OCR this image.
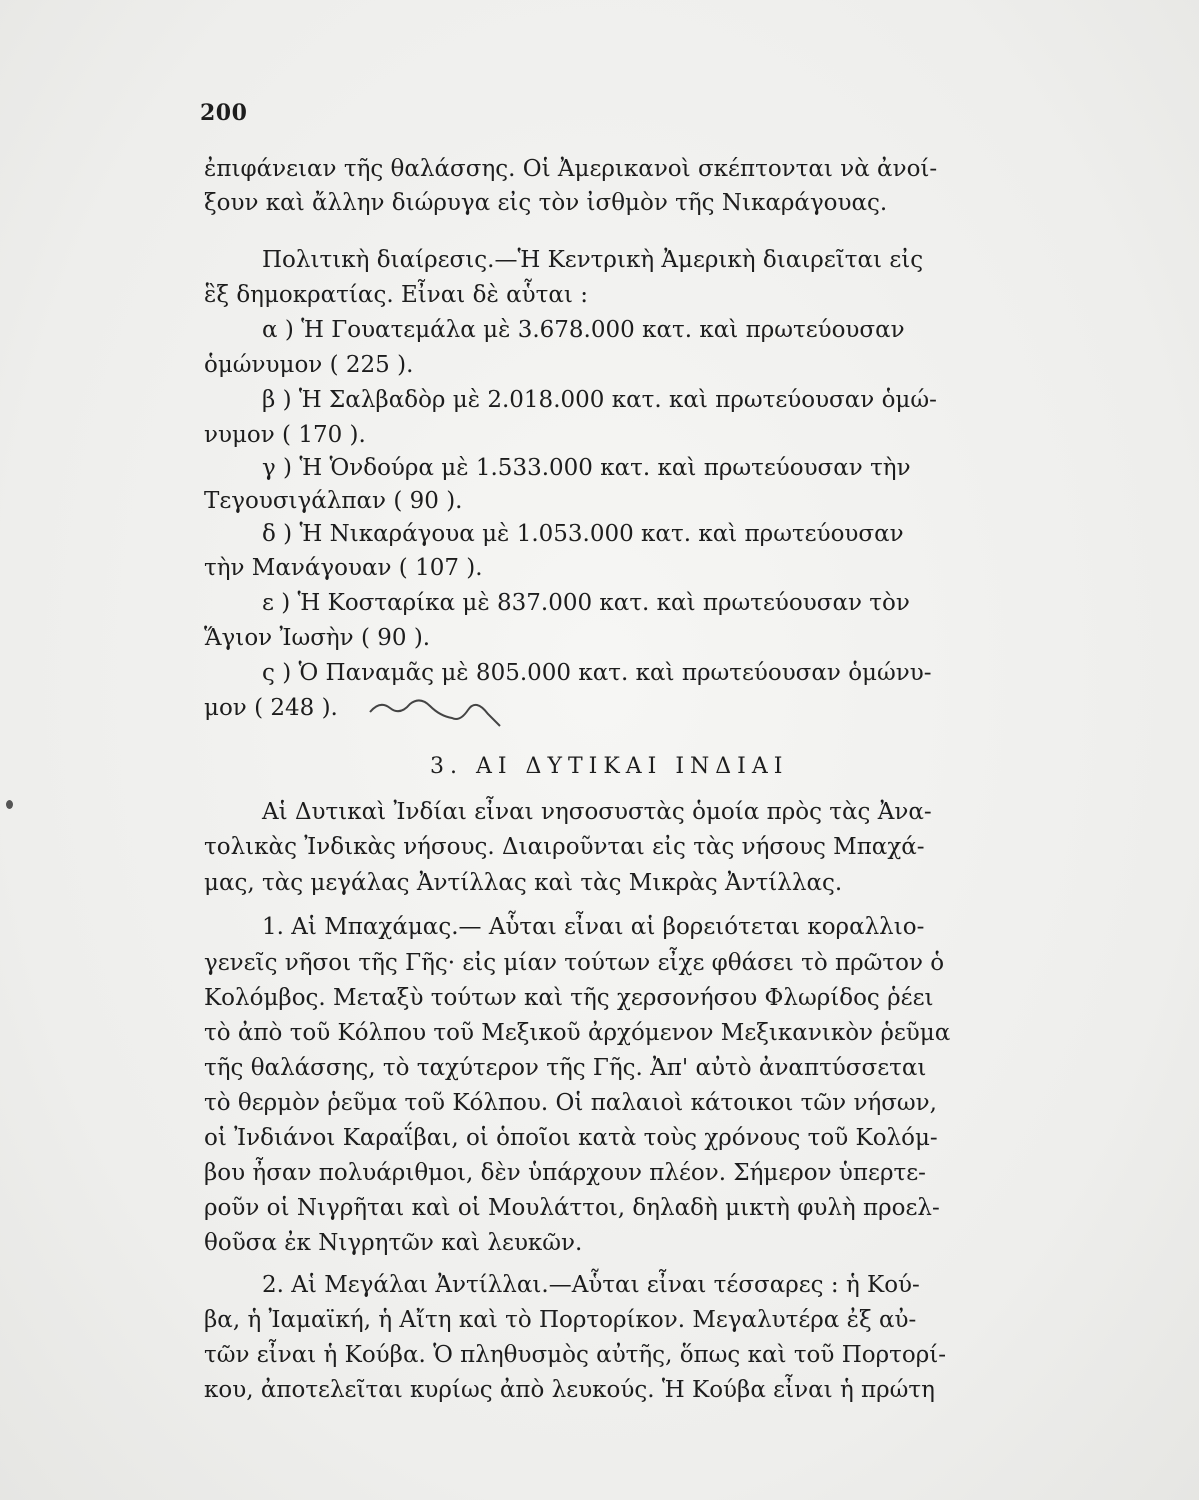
200
ἐπιφάνειαν τῆς θαλάσσης. Οἱ Ἀμερικανοὶ σκέπτονται νὰ ἀνοί-
ξουν καὶ ἄλλην διώρυγα εἰς τὸν ἰσθμὸν τῆς Νικαράγουας.
Πολιτικὴ διαίρεσις.—Ἡ Κεντρικὴ Ἀμερικὴ διαιρεῖται εἰς
ἓξ δημοκρατίας. Εἶναι δὲ αὗται :
α ) Ἡ Γουατεμάλα μὲ 3.678.000 κατ. καὶ πρωτεύουσαν
ὁμώνυμον ( 225 ).
β ) Ἡ Σαλβαδὸρ μὲ 2.018.000 κατ. καὶ πρωτεύουσαν ὁμώ-
νυμον ( 170 ).
γ ) Ἡ Ὁνδούρα μὲ 1.533.000 κατ. καὶ πρωτεύουσαν τὴν
Τεγουσιγάλπαν ( 90 ).
δ ) Ἡ Νικαράγουα μὲ 1.053.000 κατ. καὶ πρωτεύουσαν
τὴν Μανάγουαν ( 107 ).
ε ) Ἡ Κοσταρίκα μὲ 837.000 κατ. καὶ πρωτεύουσαν τὸν
Ἅγιον Ἰωσὴν ( 90 ).
ς ) Ὁ Παναμᾶς μὲ 805.000 κατ. καὶ πρωτεύουσαν ὁμώνυ-
μον ( 248 ).
3. ΑΙ ΔΥΤΙΚΑΙ ΙΝΔΙΑΙ
Αἱ Δυτικαὶ Ἰνδίαι εἶναι νησοσυστὰς ὁμοία πρὸς τὰς Ἀνα-
τολικὰς Ἰνδικὰς νήσους. Διαιροῦνται εἰς τὰς νήσους Μπαχά-
μας, τὰς μεγάλας Ἀντίλλας καὶ τὰς Μικρὰς Ἀντίλλας.
1. Αἱ Μπαχάμας.— Αὗται εἶναι αἱ βορειότεται κοραλλιο-
γενεῖς νῆσοι τῆς Γῆς· εἰς μίαν τούτων εἶχε φθάσει τὸ πρῶτον ὁ
Κολόμβος. Μεταξὺ τούτων καὶ τῆς χερσονήσου Φλωρίδος ῥέει
τὸ ἀπὸ τοῦ Κόλπου τοῦ Μεξικοῦ ἀρχόμενον Μεξικανικὸν ῥεῦμα
τῆς θαλάσσης, τὸ ταχύτερον τῆς Γῆς. Ἀπ' αὐτὸ ἀναπτύσσεται
τὸ θερμὸν ῥεῦμα τοῦ Κόλπου. Οἱ παλαιοὶ κάτοικοι τῶν νήσων,
οἱ Ἰνδιάνοι Καραΐβαι, οἱ ὁποῖοι κατὰ τοὺς χρόνους τοῦ Κολόμ-
βου ἦσαν πολυάριθμοι, δὲν ὑπάρχουν πλέον. Σήμερον ὑπερτε-
ροῦν οἱ Νιγρῆται καὶ οἱ Μουλάττοι, δηλαδὴ μικτὴ φυλὴ προελ-
θοῦσα ἐκ Νιγρητῶν καὶ λευκῶν.
2. Αἱ Μεγάλαι Ἀντίλλαι.—Αὗται εἶναι τέσσαρες : ἡ Κού-
βα, ἡ Ἰαμαϊκή, ἡ Αἴτη καὶ τὸ Πορτορίκον. Μεγαλυτέρα ἐξ αὐ-
τῶν εἶναι ἡ Κούβα. Ὁ πληθυσμὸς αὐτῆς, ὅπως καὶ τοῦ Πορτορί-
κου, ἀποτελεῖται κυρίως ἀπὸ λευκούς. Ἡ Κούβα εἶναι ἡ πρώτη
